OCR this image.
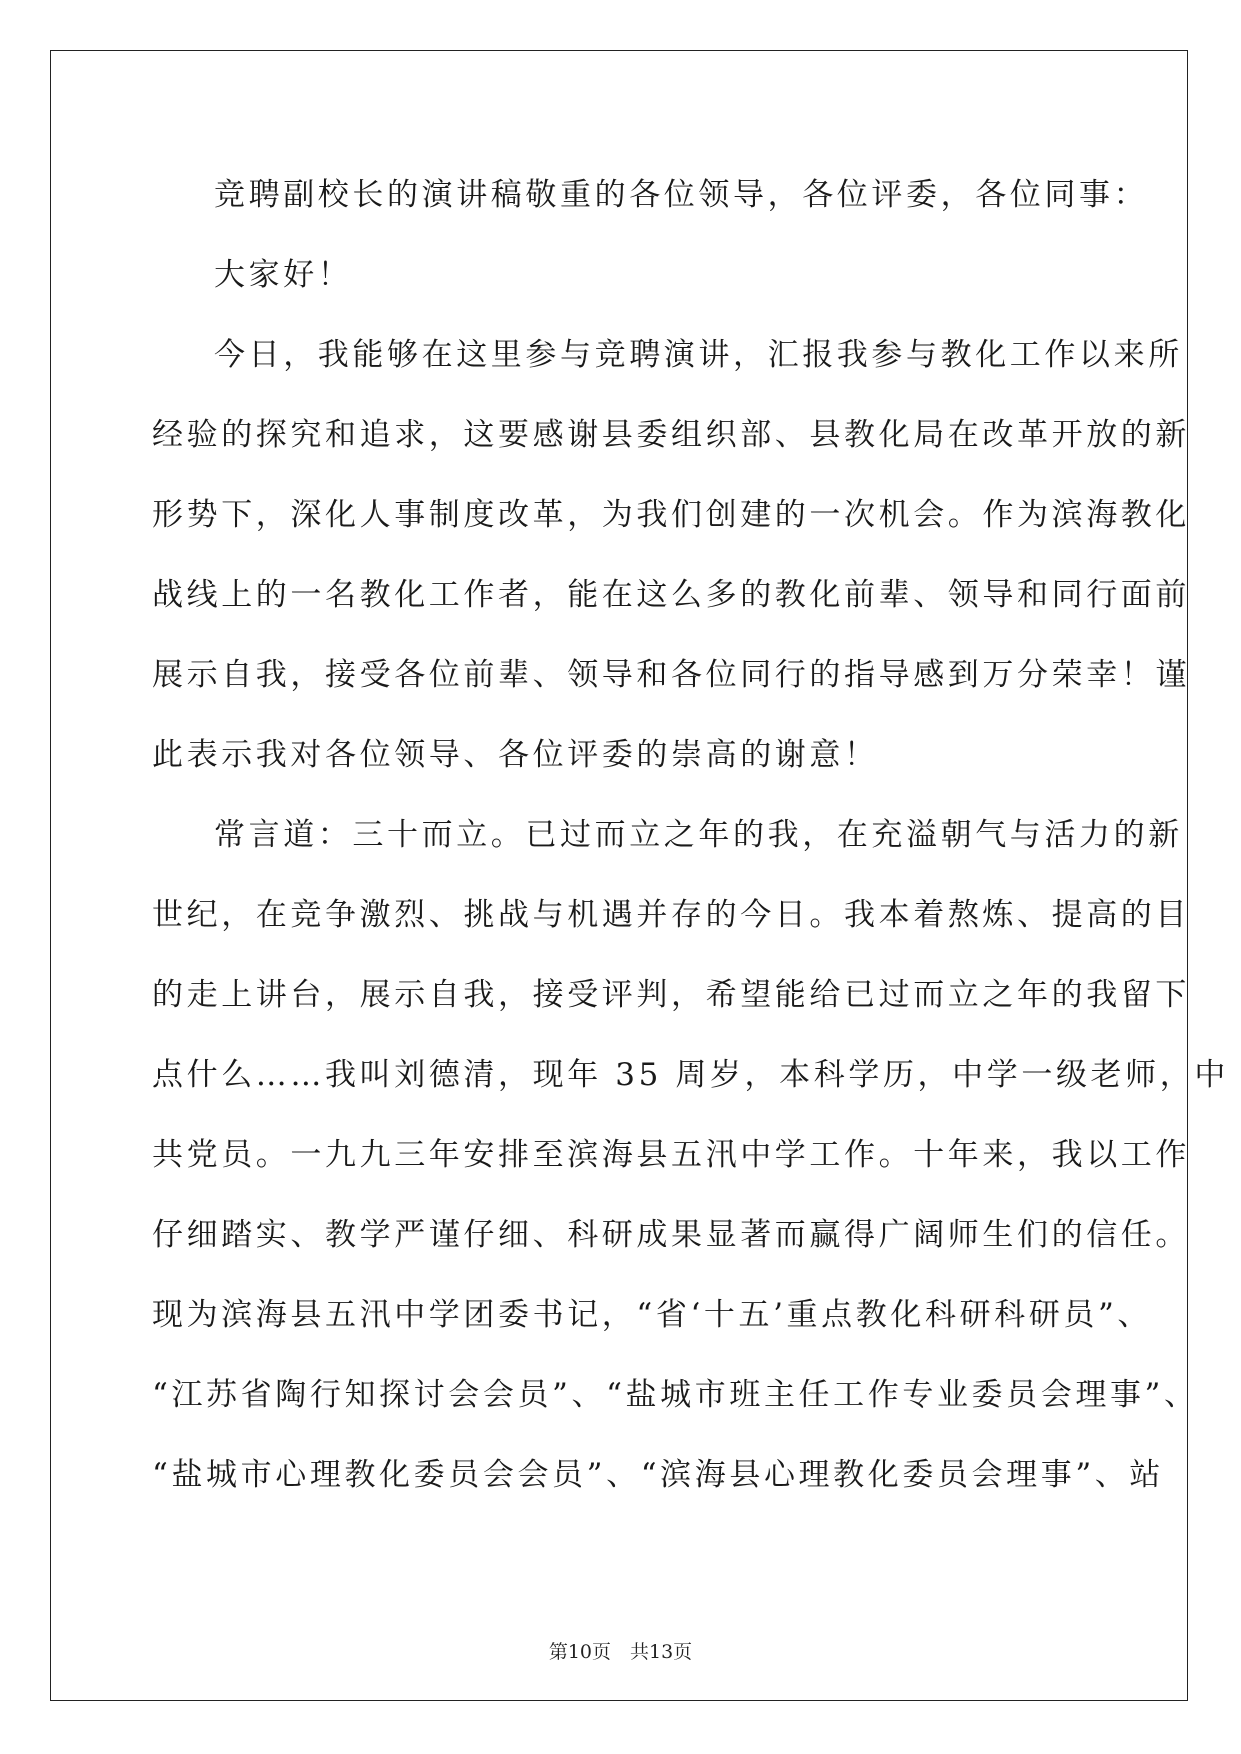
竞聘副校长的演讲稿敬重的各位领导，各位评委，各位同事：
大家好！
今日，我能够在这里参与竞聘演讲，汇报我参与教化工作以来所
经验的探究和追求，这要感谢县委组织部、县教化局在改革开放的新
形势下，深化人事制度改革，为我们创建的一次机会。作为滨海教化
战线上的一名教化工作者，能在这么多的教化前辈、领导和同行面前
展示自我，接受各位前辈、领导和各位同行的指导感到万分荣幸！谨
此表示我对各位领导、各位评委的崇高的谢意！
常言道：三十而立。已过而立之年的我，在充溢朝气与活力的新
世纪，在竞争激烈、挑战与机遇并存的今日。我本着熬炼、提高的目
的走上讲台，展示自我，接受评判，希望能给已过而立之年的我留下
点什么……我叫刘德清，现年 35 周岁，本科学历，中学一级老师，中
共党员。一九九三年安排至滨海县五汛中学工作。十年来，我以工作
仔细踏实、教学严谨仔细、科研成果显著而赢得广阔师生们的信任。
现为滨海县五汛中学团委书记，“省‘十五’重点教化科研科研员”、
“江苏省陶行知探讨会会员”、“盐城市班主任工作专业委员会理事”、
“盐城市心理教化委员会会员”、“滨海县心理教化委员会理事”、站
第10页　共13页
